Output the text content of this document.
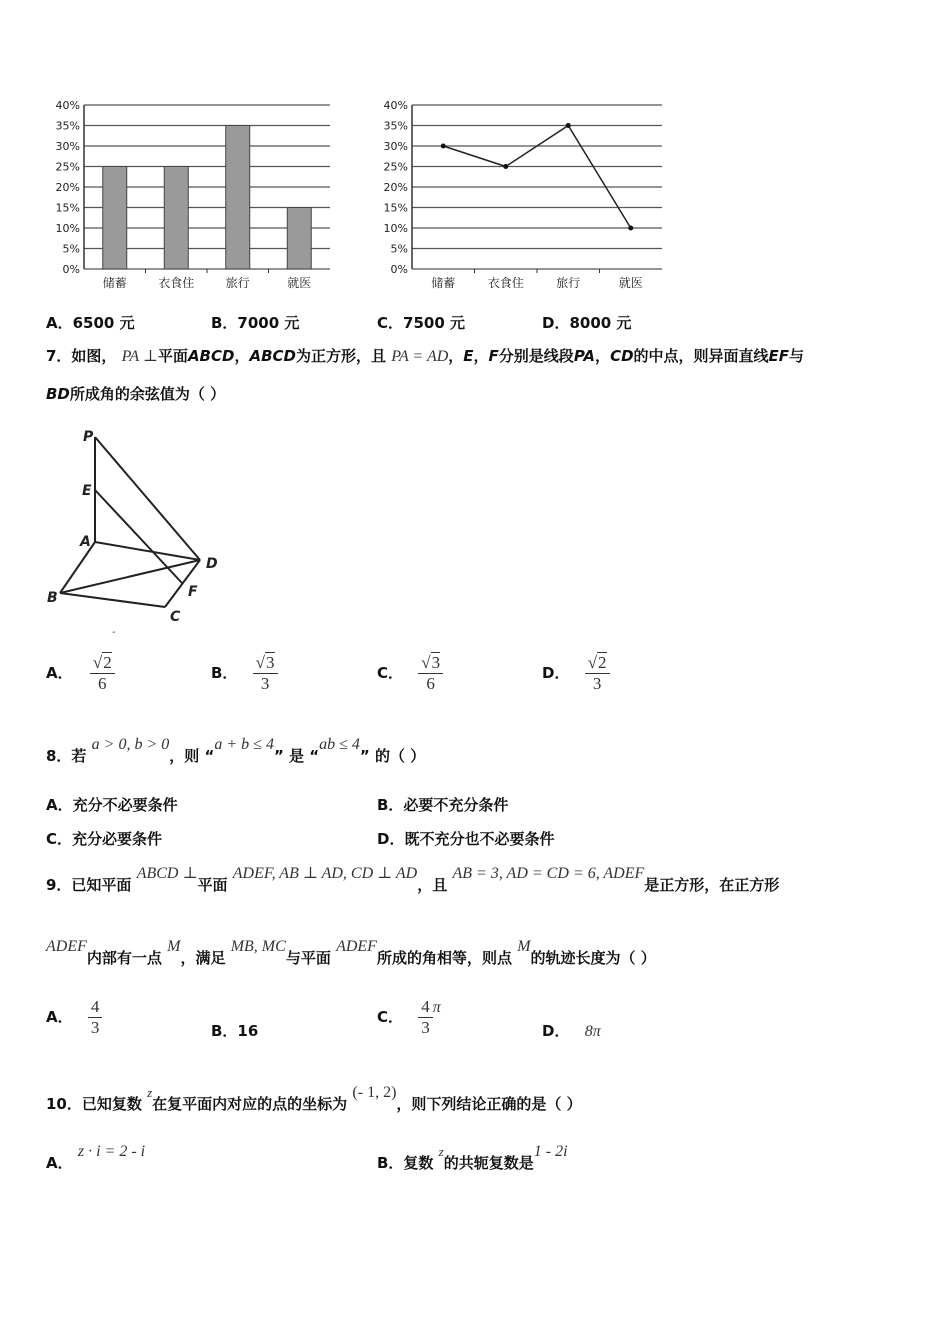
0%
5%
10%
15%
20%
25%
30%
35%
40%
储蓄	衣食住	旅行	就医
0%
5%
10%
15%
20%
25%
30%
35%
40%
储蓄	衣食住	旅行	就医
A．6500 元	B．7000 元	C．7500 元	D．8000 元
7．如图， PA ⊥平面ABCD，ABCD为正方形，且 PA = AD，E，F分别是线段PA，CD的中点，则异面直线EF与
BD所成角的余弦值为（ ）
P
E
A
D
F
B
C
-
A． $\frac{√2}{6}$	B． $\frac{√3}{3}$	C． $\frac{√3}{6}$	D． $\frac{√2}{3}$
8．若 a > 0, b > 0，则 “a + b ≤ 4” 是 “ab ≤ 4” 的（ ）
A．充分不必要条件	B．必要不充分条件
C．充分必要条件	D．既不充分也不必要条件
9．已知平面 ABCD ⊥平面 ADEF, AB ⊥ AD, CD ⊥ AD，且 AB = 3, AD = CD = 6, ADEF是正方形，在正方形
ADEF内部有一点 M，满足 MB, MC与平面 ADEF所成的角相等，则点 M的轨迹长度为（ ）
A． $\frac{4}{3}$	B．16
C． $\frac{4}{3}$ π
D． 8π
10．已知复数 z在复平面内对应的点的坐标为 (- 1, 2)，则下列结论正确的是（ ）
A． z · i = 2 - i
B．复数 z的共轭复数是1 - 2i
